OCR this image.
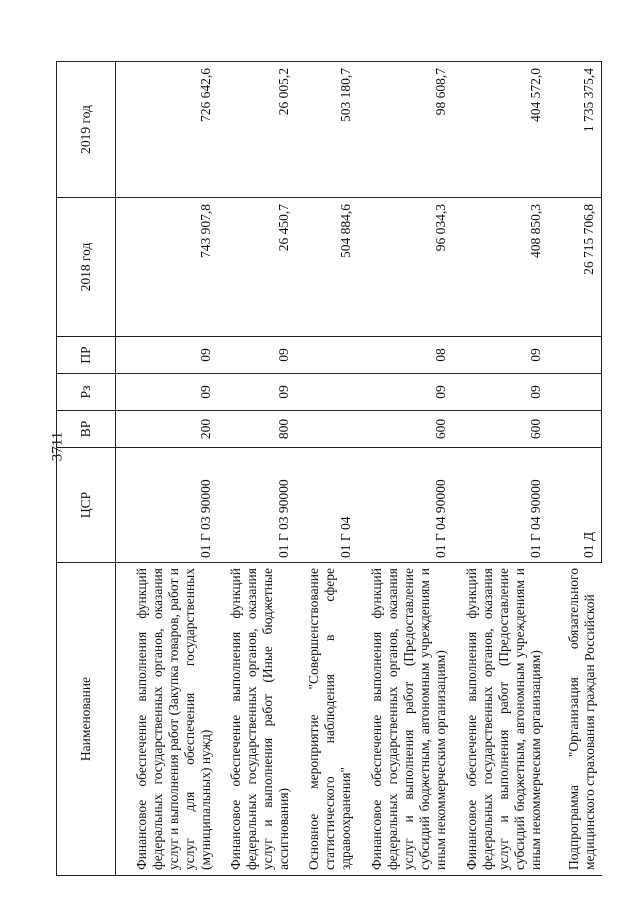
3711
Наименование	ЦСР	ВР	Рз	ПР	2018 год	2019 год
Финансовое обеспечение выполнения функций федеральных государственных органов, оказания услуг и выполнения работ (Закупка товаров, работ и услуг для обеспечения государственных (муниципальных) нужд)	01 Г 03 90000	200	09	09	743 907,8	726 642,6
Финансовое обеспечение выполнения функций федеральных государственных органов, оказания услуг и выполнения работ (Иные бюджетные ассигнования)	01 Г 03 90000	800	09	09	26 450,7	26 005,2
Основное мероприятие "Совершенствование статистического наблюдения в сфере здравоохранения"	01 Г 04				504 884,6	503 180,7
Финансовое обеспечение выполнения функций федеральных государственных органов, оказания услуг и выполнения работ (Предоставление субсидий бюджетным, автономным учреждениям и иным некоммерческим организациям)	01 Г 04 90000	600	09	08	96 034,3	98 608,7
Финансовое обеспечение выполнения функций федеральных государственных органов, оказания услуг и выполнения работ (Предоставление субсидий бюджетным, автономным учреждениям и иным некоммерческим организациям)	01 Г 04 90000	600	09	09	408 850,3	404 572,0
Подпрограмма "Организация обязательного медицинского страхования граждан Российской	01 Д				26 715 706,8	1 735 375,4
